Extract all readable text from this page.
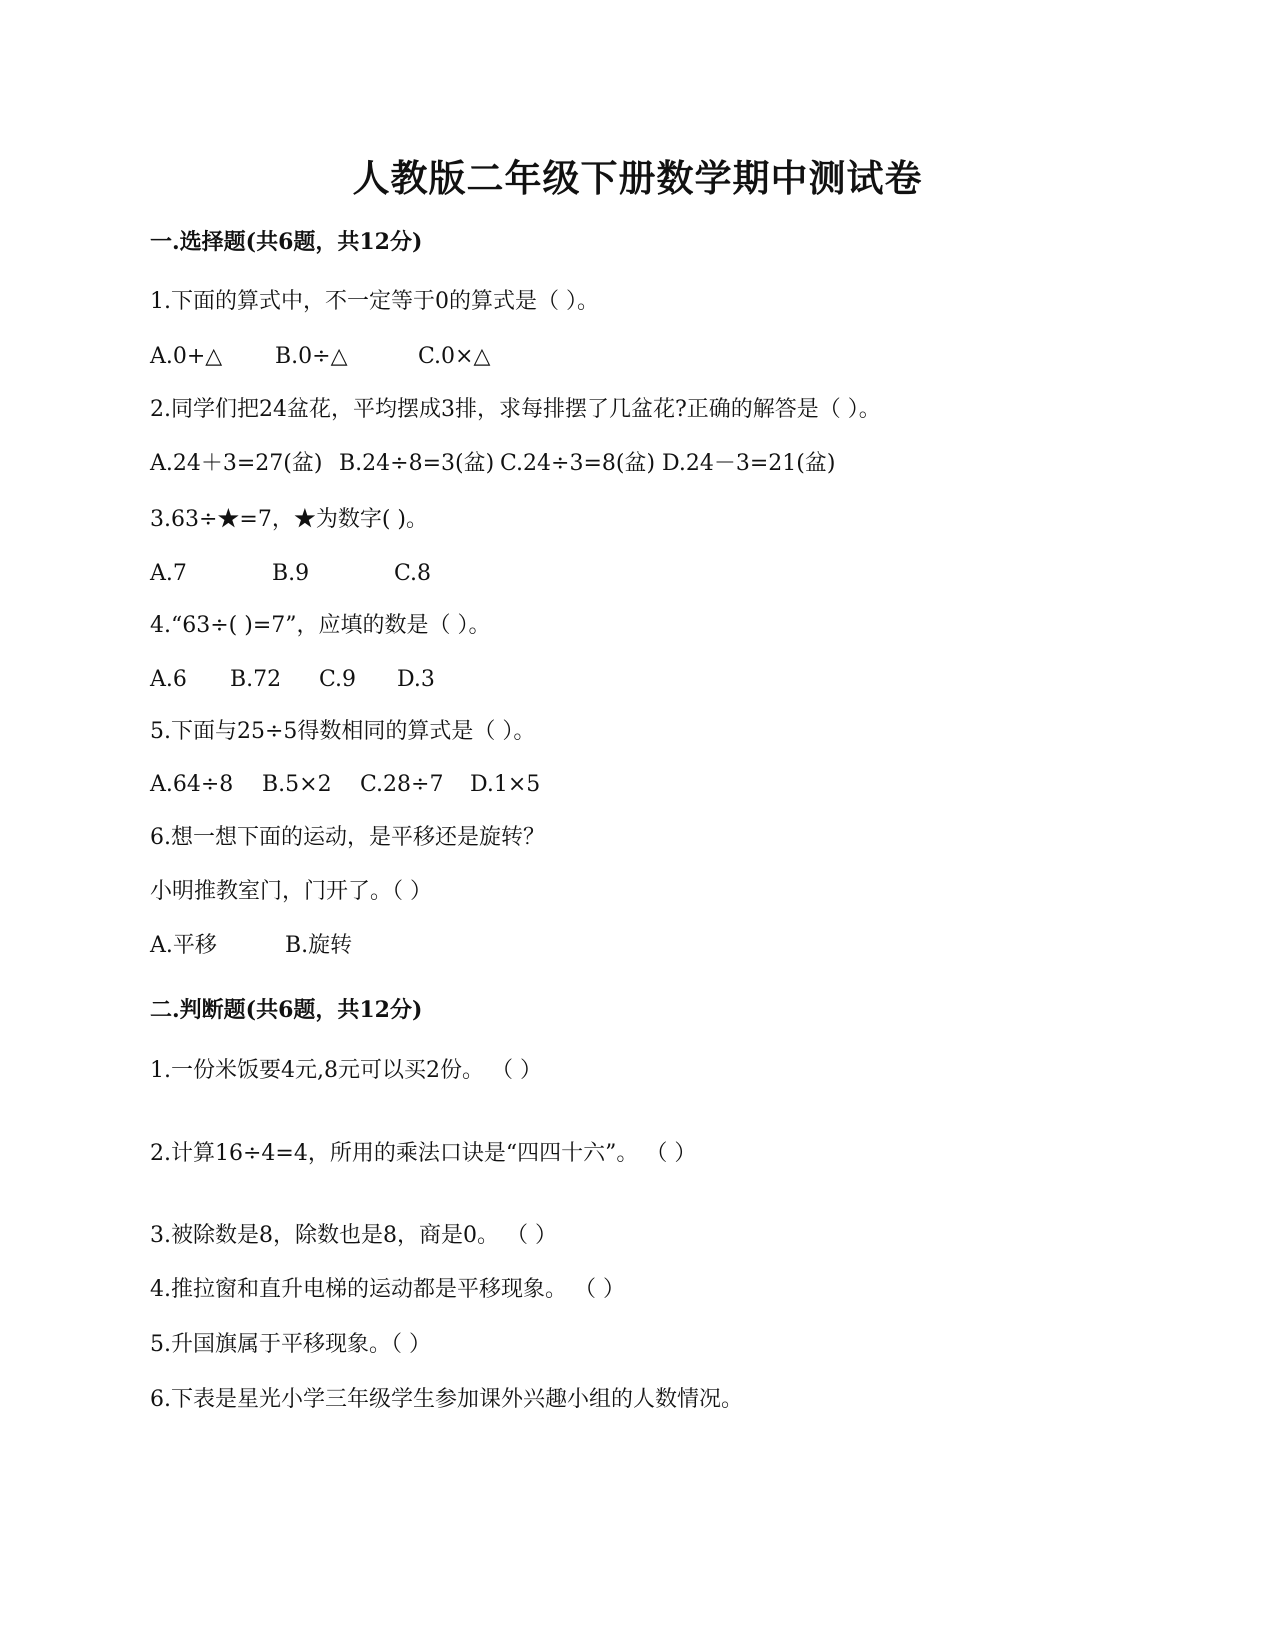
人教版二年级下册数学期中测试卷
一.选择题(共6题，共12分)
1.下面的算式中，不一定等于0的算式是（ ）。
A.0+△ B.0÷△	C.0×△
2.同学们把24盆花，平均摆成3排，求每排摆了几盆花?正确的解答是（ ）。
A.24＋3=27(盆) B.24÷8=3(盆) C.24÷3=8(盆) D.24－3=21(盆)
3.63÷★=7，★为数字( )。
A.7	B.9	C.8
4.“63÷( )=7”，应填的数是（ ）。
A.6 B.72 C.9 D.3
5.下面与25÷5得数相同的算式是（ ）。
A.64÷8 B.5×2 C.28÷7 D.1×5
6.想一想下面的运动，是平移还是旋转？
小明推教室门，门开了。（ ）
A.平移	B.旋转
二.判断题(共6题，共12分)
1.一份米饭要4元,8元可以买2份。 （ ）
2.计算16÷4=4，所用的乘法口诀是“四四十六”。 （ ）
3.被除数是8，除数也是8，商是0。 （ ）
4.推拉窗和直升电梯的运动都是平移现象。 （ ）
5.升国旗属于平移现象。（ ）
6.下表是星光小学三年级学生参加课外兴趣小组的人数情况。
